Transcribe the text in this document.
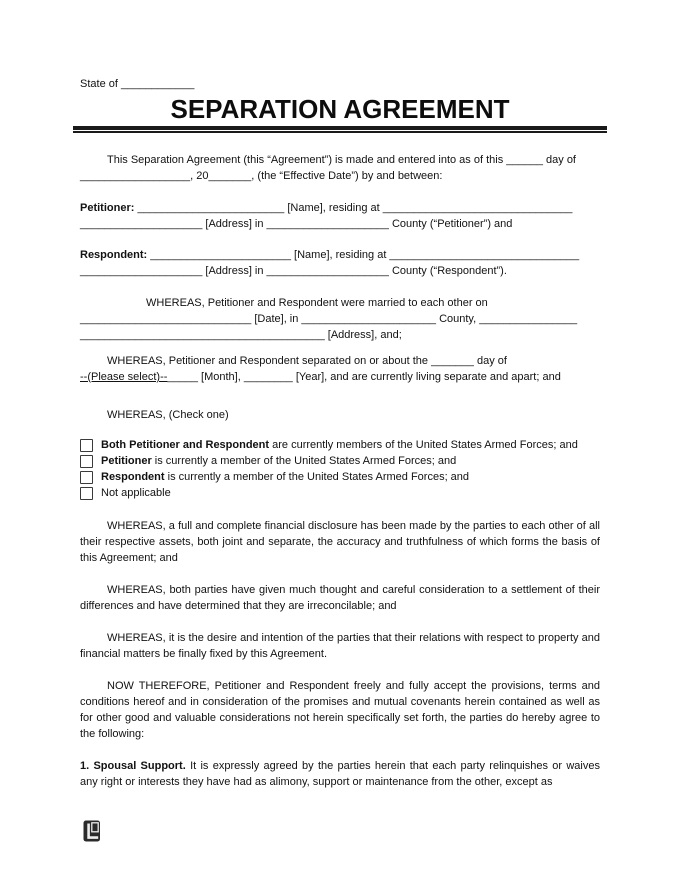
State of ____________

SEPARATION AGREEMENT

This Separation Agreement (this “Agreement”) is made and entered into as of this ______ day of
__________________, 20_______, (the “Effective Date”) by and between:

Petitioner: ________________________ [Name], residing at _______________________________
____________________ [Address] in ____________________ County (“Petitioner”) and

Respondent: _______________________ [Name], residing at _______________________________
____________________ [Address] in ____________________ County (“Respondent”).

WHEREAS, Petitioner and Respondent were married to each other on
____________________________ [Date], in ______________________ County, ________________
________________________________________ [Address], and;

WHEREAS, Petitioner and Respondent separated on or about the _______ day of
--(Please select)--_____ [Month], ________ [Year], and are currently living separate and apart; and

WHEREAS, (Check one)

Both Petitioner and Respondent are currently members of the United States Armed Forces; and
Petitioner is currently a member of the United States Armed Forces; and
Respondent is currently a member of the United States Armed Forces; and
Not applicable

WHEREAS, a full and complete financial disclosure has been made by the parties to each other of all their respective assets, both joint and separate, the accuracy and truthfulness of which forms the basis of this Agreement; and

WHEREAS, both parties have given much thought and careful consideration to a settlement of their differences and have determined that they are irreconcilable; and

WHEREAS, it is the desire and intention of the parties that their relations with respect to property and financial matters be finally fixed by this Agreement.

NOW THEREFORE, Petitioner and Respondent freely and fully accept the provisions, terms and conditions hereof and in consideration of the promises and mutual covenants herein contained as well as for other good and valuable considerations not herein specifically set forth, the parties do hereby agree to the following:

1. Spousal Support. It is expressly agreed by the parties herein that each party relinquishes or waives any right or interests they have had as alimony, support or maintenance from the other, except as
